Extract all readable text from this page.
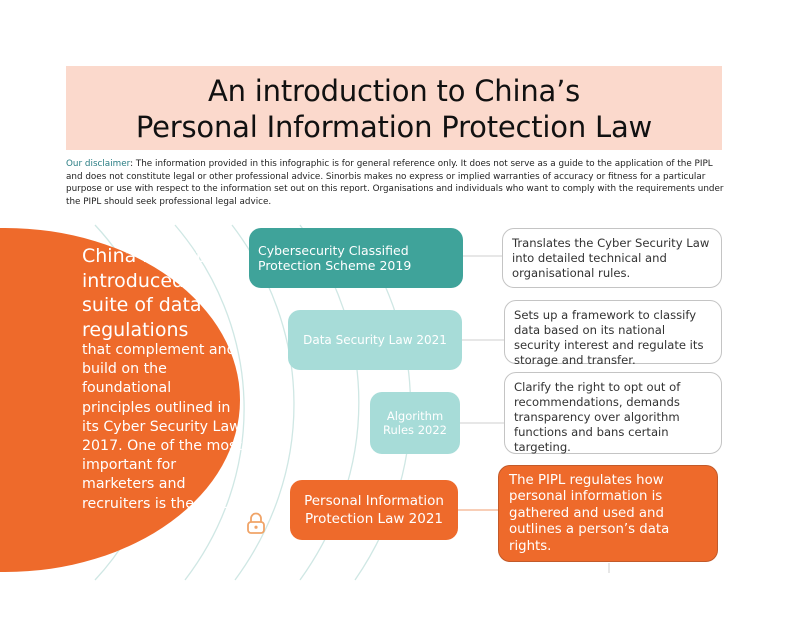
An introduction to China’s
Personal Information Protection Law
Our disclaimer: The information provided in this infographic is for general reference only. It does not serve as a guide to the application of the PIPL and does not constitute legal or other professional advice. Sinorbis makes no express or implied warranties of accuracy or fitness for a particular purpose or use with respect to the information set out on this report. Organisations and individuals who want to comply with the requirements under the PIPL should seek professional legal advice.
China recently introduced a suite of data regulations
that complement and build on the foundational principles outlined in its Cyber Security Law 2017. One of the most important for marketers and recruiters is the PIPL…
Cybersecurity Classified Protection Scheme 2019
Data Security Law 2021
Algorithm Rules 2022
Personal Information Protection Law 2021
Translates the Cyber Security Law into detailed technical and organisational rules.
Sets up a framework to classify data based on its national security interest and regulate its storage and transfer.
Clarify the right to opt out of recommendations, demands transparency over algorithm functions and bans certain targeting.
The PIPL regulates how personal information is gathered and used and outlines a person’s data rights.
